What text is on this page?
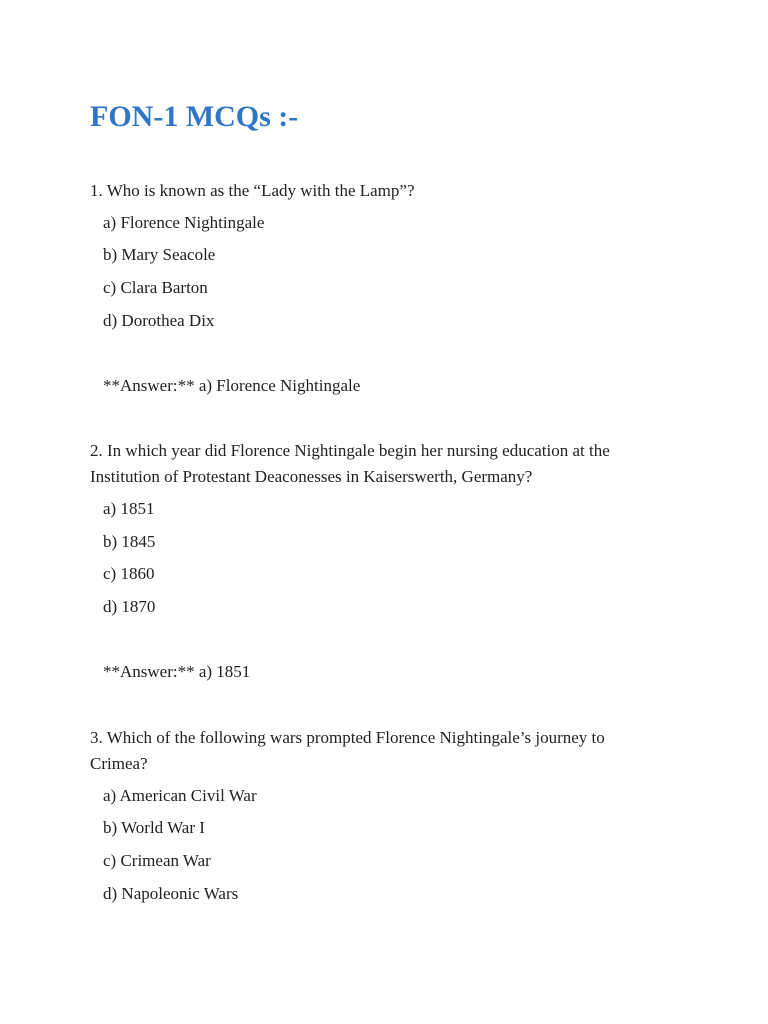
FON-1 MCQs :-

1. Who is known as the “Lady with the Lamp”?

a) Florence Nightingale

b) Mary Seacole

c) Clara Barton

d) Dorothea Dix

**Answer:** a) Florence Nightingale

2. In which year did Florence Nightingale begin her nursing education at the Institution of Protestant Deaconesses in Kaiserswerth, Germany?

a) 1851

b) 1845

c) 1860

d) 1870

**Answer:** a) 1851

3. Which of the following wars prompted Florence Nightingale’s journey to Crimea?

a) American Civil War

b) World War I

c) Crimean War

d) Napoleonic Wars
